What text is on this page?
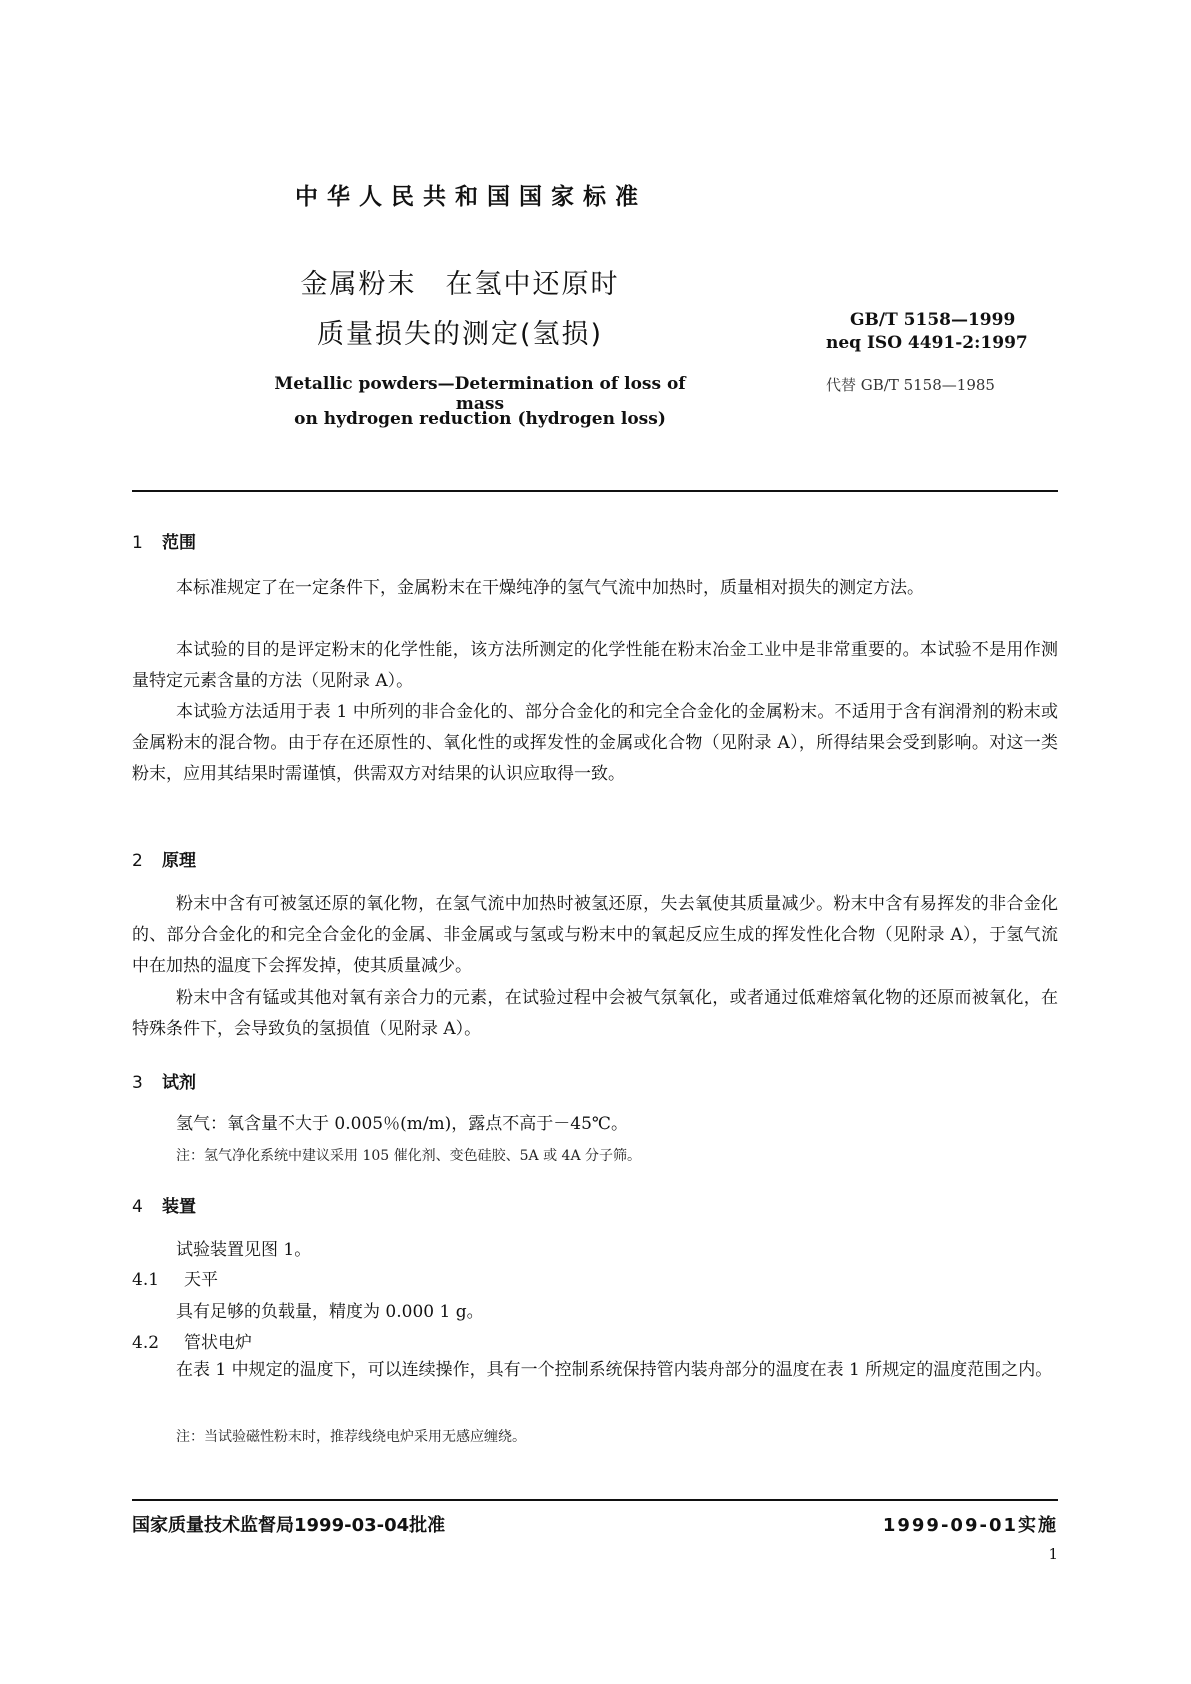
中华人民共和国国家标准
金属粉末　在氢中还原时
质量损失的测定(氢损)	GB/T 5158—1999
neq ISO 4491-2:1997
代替 GB/T 5158—1985
Metallic powders—Determination of loss of mass
on hydrogen reduction (hydrogen loss)
1 范围
本标准规定了在一定条件下，金属粉末在干燥纯净的氢气气流中加热时，质量相对损失的测定方法。
本试验的目的是评定粉末的化学性能，该方法所测定的化学性能在粉末冶金工业中是非常重要的。本试验不是用作测量特定元素含量的方法（见附录 A）。
本试验方法适用于表 1 中所列的非合金化的、部分合金化的和完全合金化的金属粉末。不适用于含有润滑剂的粉末或金属粉末的混合物。由于存在还原性的、氧化性的或挥发性的金属或化合物（见附录 A），所得结果会受到影响。对这一类粉末，应用其结果时需谨慎，供需双方对结果的认识应取得一致。
2 原理
粉末中含有可被氢还原的氧化物，在氢气流中加热时被氢还原，失去氧使其质量减少。粉末中含有易挥发的非合金化的、部分合金化的和完全合金化的金属、非金属或与氢或与粉末中的氧起反应生成的挥发性化合物（见附录 A），于氢气流中在加热的温度下会挥发掉，使其质量减少。
粉末中含有锰或其他对氧有亲合力的元素，在试验过程中会被气氛氧化，或者通过低难熔氧化物的还原而被氧化，在特殊条件下，会导致负的氢损值（见附录 A）。
3 试剂
氢气：氧含量不大于 0.005％(m/m)，露点不高于－45℃。
注：氢气净化系统中建议采用 105 催化剂、变色硅胶、5A 或 4A 分子筛。
4 装置
试验装置见图 1。
4.1 天平
具有足够的负载量，精度为 0.000 1 g。
4.2 管状电炉
在表 1 中规定的温度下，可以连续操作，具有一个控制系统保持管内装舟部分的温度在表 1 所规定的温度范围之内。
注：当试验磁性粉末时，推荐线绕电炉采用无感应缠绕。
国家质量技术监督局1999-03-04批准	1999-09-01实施
1
